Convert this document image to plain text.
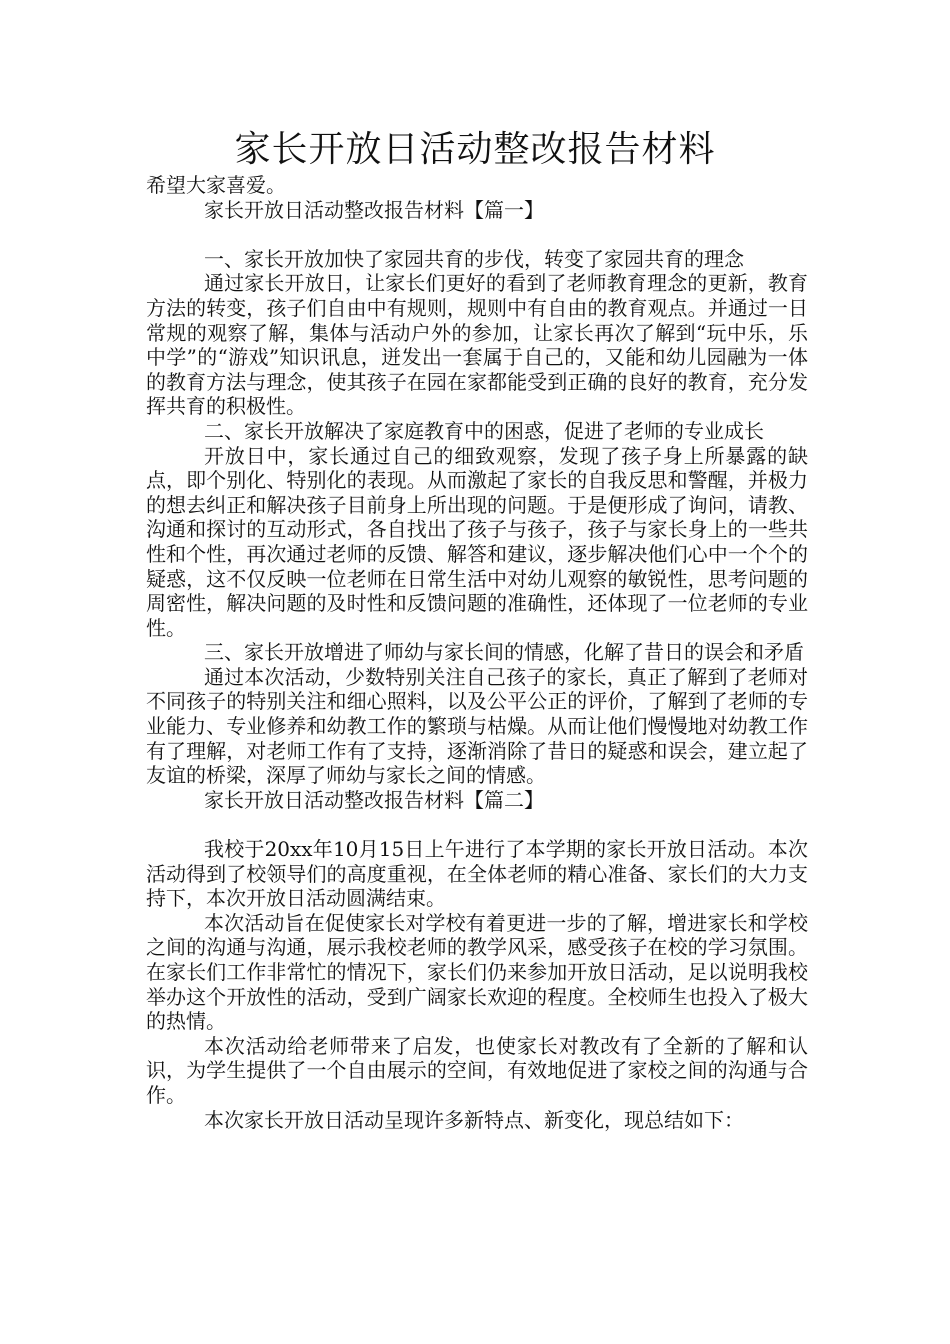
家长开放日活动整改报告材料

希望大家喜爱。

家长开放日活动整改报告材料【篇一】

一、家长开放加快了家园共育的步伐，转变了家园共育的理念

通过家长开放日，让家长们更好的看到了老师教育理念的更新，教育方法的转变，孩子们自由中有规则，规则中有自由的教育观点。并通过一日常规的观察了解，集体与活动户外的参加，让家长再次了解到“玩中乐，乐中学”的“游戏”知识讯息，迸发出一套属于自己的，又能和幼儿园融为一体的教育方法与理念，使其孩子在园在家都能受到正确的良好的教育，充分发挥共育的积极性。

二、家长开放解决了家庭教育中的困惑，促进了老师的专业成长

开放日中，家长通过自己的细致观察，发现了孩子身上所暴露的缺点，即个别化、特别化的表现。从而激起了家长的自我反思和警醒，并极力的想去纠正和解决孩子目前身上所出现的问题。于是便形成了询问，请教、沟通和探讨的互动形式，各自找出了孩子与孩子，孩子与家长身上的一些共性和个性，再次通过老师的反馈、解答和建议，逐步解决他们心中一个个的疑惑，这不仅反映一位老师在日常生活中对幼儿观察的敏锐性，思考问题的周密性，解决问题的及时性和反馈问题的准确性，还体现了一位老师的专业性。

三、家长开放增进了师幼与家长间的情感，化解了昔日的误会和矛盾

通过本次活动，少数特别关注自己孩子的家长，真正了解到了老师对不同孩子的特别关注和细心照料，以及公平公正的评价，了解到了老师的专业能力、专业修养和幼教工作的繁琐与枯燥。从而让他们慢慢地对幼教工作有了理解，对老师工作有了支持，逐渐消除了昔日的疑惑和误会，建立起了友谊的桥梁，深厚了师幼与家长之间的情感。

家长开放日活动整改报告材料【篇二】

我校于20xx年10月15日上午进行了本学期的家长开放日活动。本次活动得到了校领导们的高度重视，在全体老师的精心准备、家长们的大力支持下，本次开放日活动圆满结束。

本次活动旨在促使家长对学校有着更进一步的了解，增进家长和学校之间的沟通与沟通，展示我校老师的教学风采，感受孩子在校的学习氛围。在家长们工作非常忙的情况下，家长们仍来参加开放日活动，足以说明我校举办这个开放性的活动，受到广阔家长欢迎的程度。全校师生也投入了极大的热情。

本次活动给老师带来了启发，也使家长对教改有了全新的了解和认识，为学生提供了一个自由展示的空间，有效地促进了家校之间的沟通与合作。

本次家长开放日活动呈现许多新特点、新变化，现总结如下：
